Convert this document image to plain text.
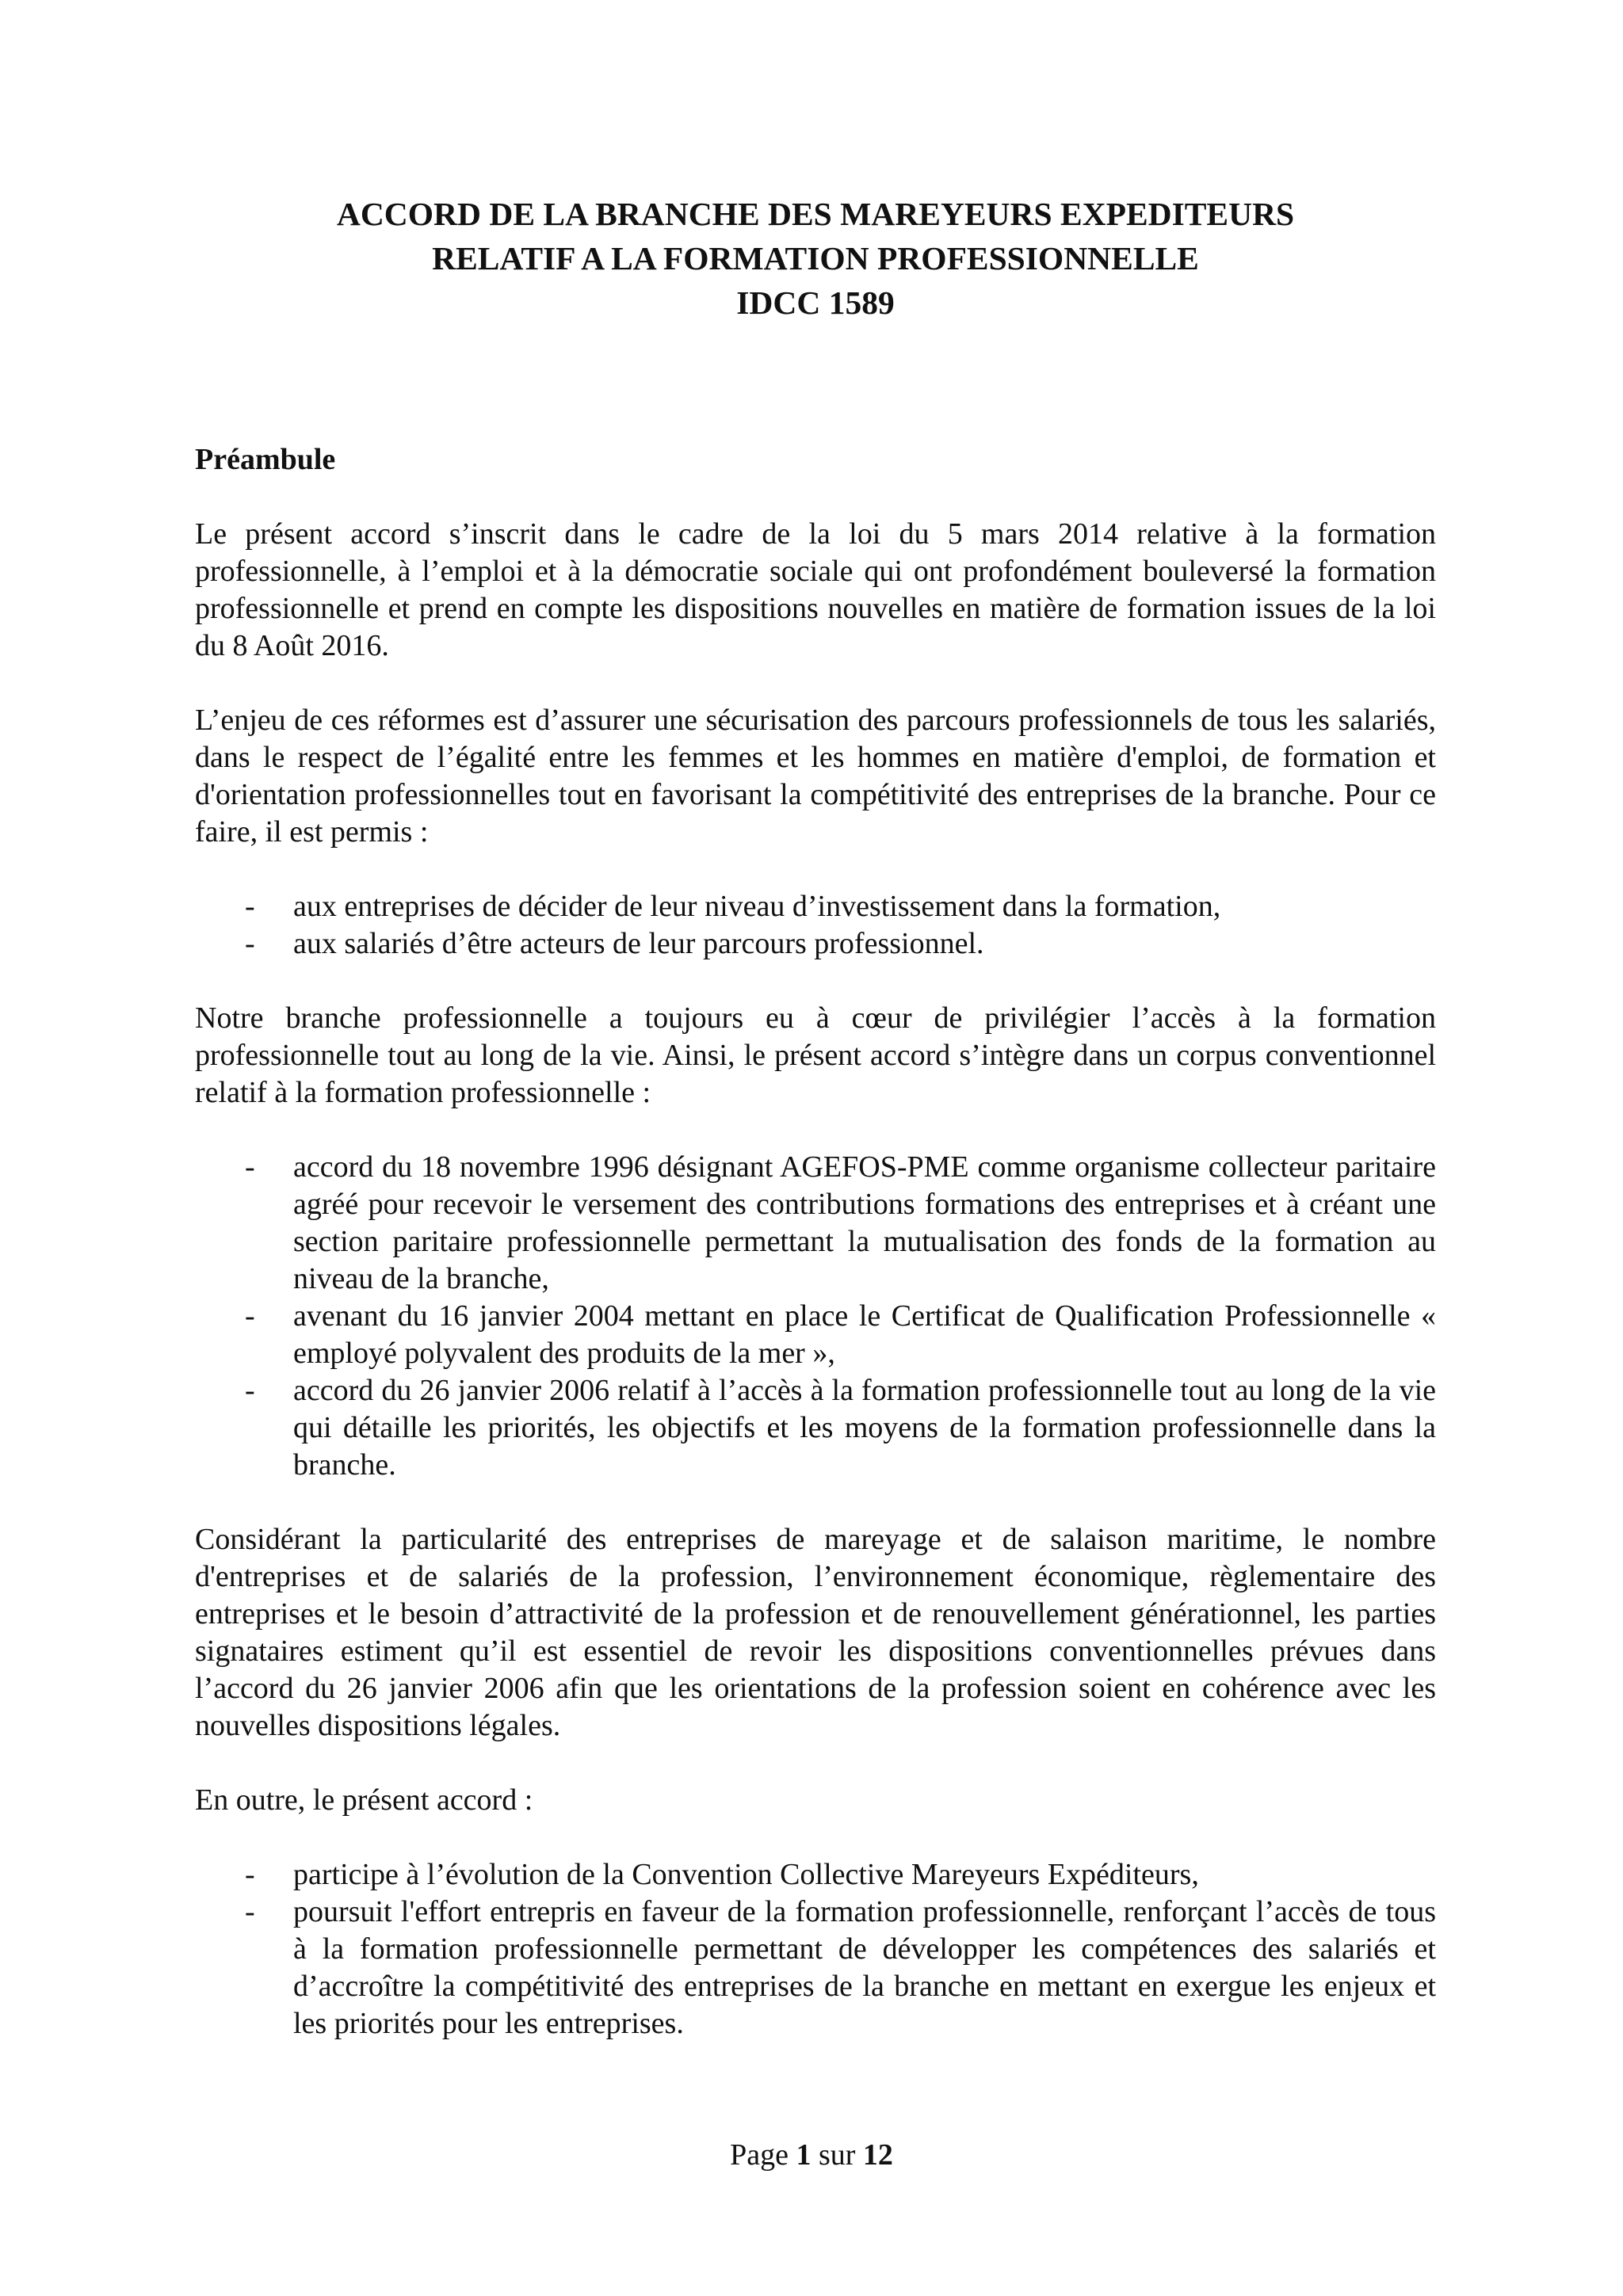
ACCORD DE LA BRANCHE DES MAREYEURS EXPEDITEURS
RELATIF A LA FORMATION PROFESSIONNELLE
IDCC 1589
Préambule

Le présent accord s’inscrit dans le cadre de la loi du 5 mars 2014 relative à la formation professionnelle, à l’emploi et à la démocratie sociale qui ont profondément bouleversé la formation professionnelle et prend en compte les dispositions nouvelles en matière de formation issues de la loi du 8 Août 2016.

L’enjeu de ces réformes est d’assurer une sécurisation des parcours professionnels de tous les salariés, dans le respect de l’égalité entre les femmes et les hommes en matière d'emploi, de formation et d'orientation professionnelles tout en favorisant la compétitivité des entreprises de la branche. Pour ce faire, il est permis :

- aux entreprises de décider de leur niveau d’investissement dans la formation,
- aux salariés d’être acteurs de leur parcours professionnel.

Notre branche professionnelle a toujours eu à cœur de privilégier l’accès à la formation professionnelle tout au long de la vie. Ainsi, le présent accord s’intègre dans un corpus conventionnel relatif à la formation professionnelle :

- accord du 18 novembre 1996 désignant AGEFOS-PME comme organisme collecteur paritaire agréé pour recevoir le versement des contributions formations des entreprises et à créant une section paritaire professionnelle permettant la mutualisation des fonds de la formation au niveau de la branche,
- avenant du 16 janvier 2004 mettant en place le Certificat de Qualification Professionnelle « employé polyvalent des produits de la mer »,
- accord du 26 janvier 2006 relatif à l’accès à la formation professionnelle tout au long de la vie qui détaille les priorités, les objectifs et les moyens de la formation professionnelle dans la branche.

Considérant la particularité des entreprises de mareyage et de salaison maritime, le nombre d'entreprises et de salariés de la profession, l’environnement économique, règlementaire des entreprises et le besoin d’attractivité de la profession et de renouvellement générationnel, les parties signataires estiment qu’il est essentiel de revoir les dispositions conventionnelles prévues dans l’accord du 26 janvier 2006 afin que les orientations de la profession soient en cohérence avec les nouvelles dispositions légales.

En outre, le présent accord :

- participe à l’évolution de la Convention Collective Mareyeurs Expéditeurs,
- poursuit l'effort entrepris en faveur de la formation professionnelle, renforçant l’accès de tous à la formation professionnelle permettant de développer les compétences des salariés et d’accroître la compétitivité des entreprises de la branche en mettant en exergue les enjeux et les priorités pour les entreprises.
Page 1 sur 12
